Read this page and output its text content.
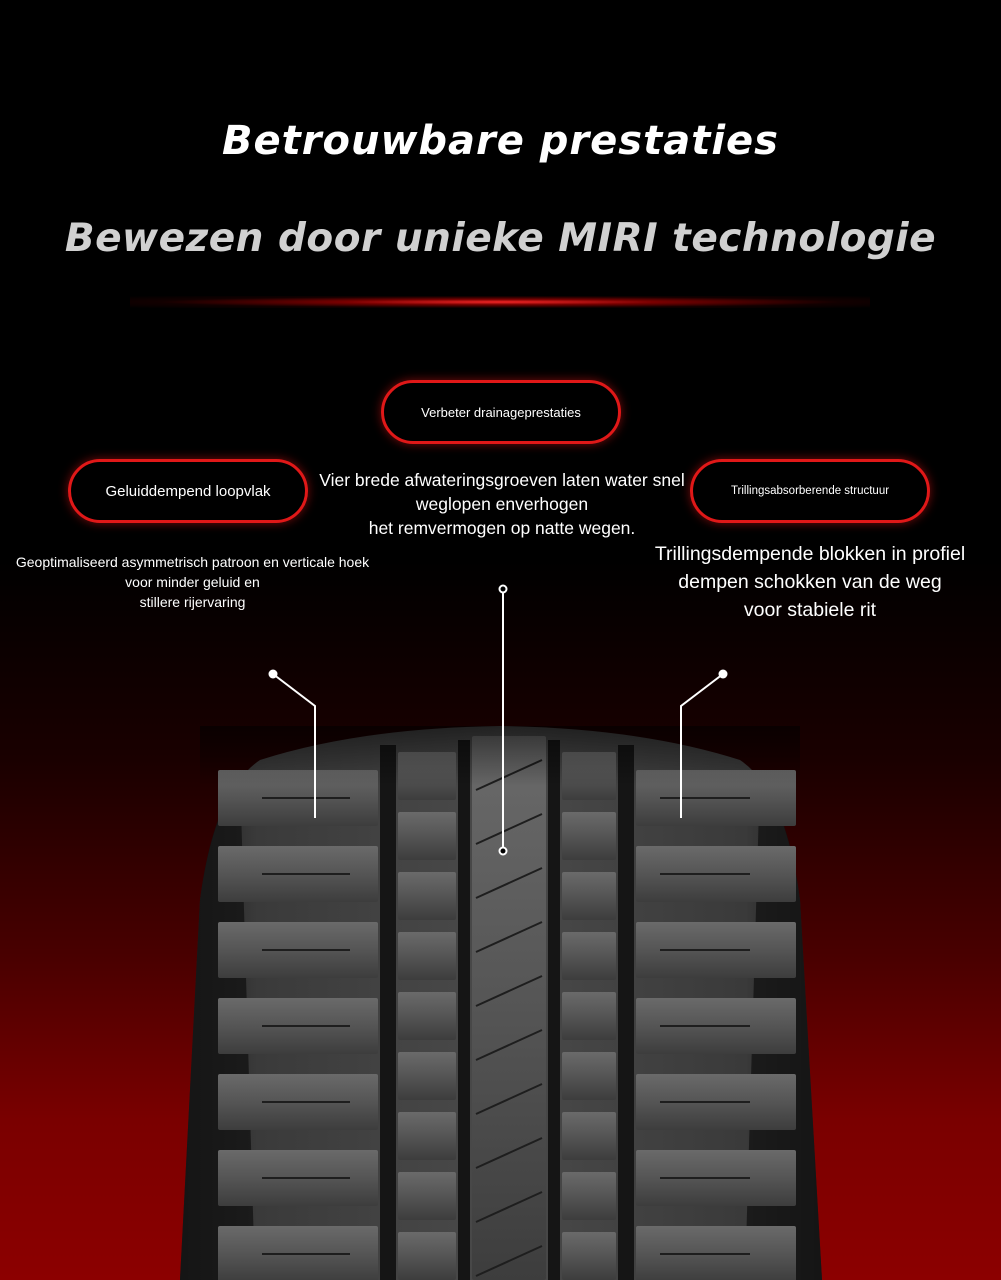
Betrouwbare prestaties
Bewezen door unieke MIRI technologie
Verbeter drainageprestaties
Geluiddempend loopvlak	Trillingsabsorberende structuur
Vier brede afwateringsgroeven laten water snel
weglopen enverhogen
het remvermogen op natte wegen.
Geoptimaliseerd asymmetrisch patroon en verticale hoek
voor minder geluid en
stillere rijervaring
Trillingsdempende blokken in profiel
dempen schokken van de weg
voor stabiele rit
